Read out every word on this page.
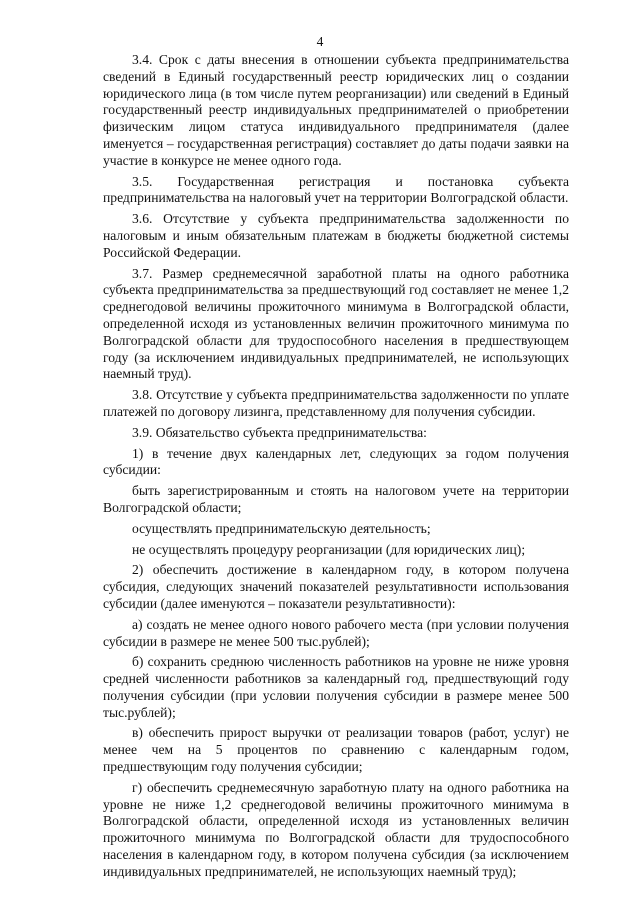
4

3.4. Срок с даты внесения в отношении субъекта предпринимательства сведений в Единый государственный реестр юридических лиц о создании юридического лица (в том числе путем реорганизации) или сведений в Единый государственный реестр индивидуальных предпринимателей о приобретении физическим лицом статуса индивидуального предпринимателя (далее именуется – государственная регистрация) составляет до даты подачи заявки на участие в конкурсе не менее одного года.

3.5. Государственная регистрация и постановка субъекта предпринимательства на налоговый учет на территории Волгоградской области.

3.6. Отсутствие у субъекта предпринимательства задолженности по налоговым и иным обязательным платежам в бюджеты бюджетной системы Российской Федерации.

3.7. Размер среднемесячной заработной платы на одного работника субъекта предпринимательства за предшествующий год составляет не менее 1,2 среднегодовой величины прожиточного минимума в Волгоградской области, определенной исходя из установленных величин прожиточного минимума по Волгоградской области для трудоспособного населения в предшествующем году (за исключением индивидуальных предпринимателей, не использующих наемный труд).

3.8. Отсутствие у субъекта предпринимательства задолженности по уплате платежей по договору лизинга, представленному для получения субсидии.

3.9. Обязательство субъекта предпринимательства:

1) в течение двух календарных лет, следующих за годом получения субсидии:

быть зарегистрированным и стоять на налоговом учете на территории Волгоградской области;

осуществлять предпринимательскую деятельность;

не осуществлять процедуру реорганизации (для юридических лиц);

2) обеспечить достижение в календарном году, в котором получена субсидия, следующих значений показателей результативности использования субсидии (далее именуются – показатели результативности):

а) создать не менее одного нового рабочего места (при условии получения субсидии в размере не менее 500 тыс.рублей);

б) сохранить среднюю численность работников на уровне не ниже уровня средней численности работников за календарный год, предшествующий году получения субсидии (при условии получения субсидии в размере менее 500 тыс.рублей);

в) обеспечить прирост выручки от реализации товаров (работ, услуг) не менее чем на 5 процентов по сравнению с календарным годом, предшествующим году получения субсидии;

г) обеспечить среднемесячную заработную плату на одного работника на уровне не ниже 1,2 среднегодовой величины прожиточного минимума в Волгоградской области, определенной исходя из установленных величин прожиточного минимума по Волгоградской области для трудоспособного населения в календарном году, в котором получена субсидия (за исключением индивидуальных предпринимателей, не использующих наемный труд);
